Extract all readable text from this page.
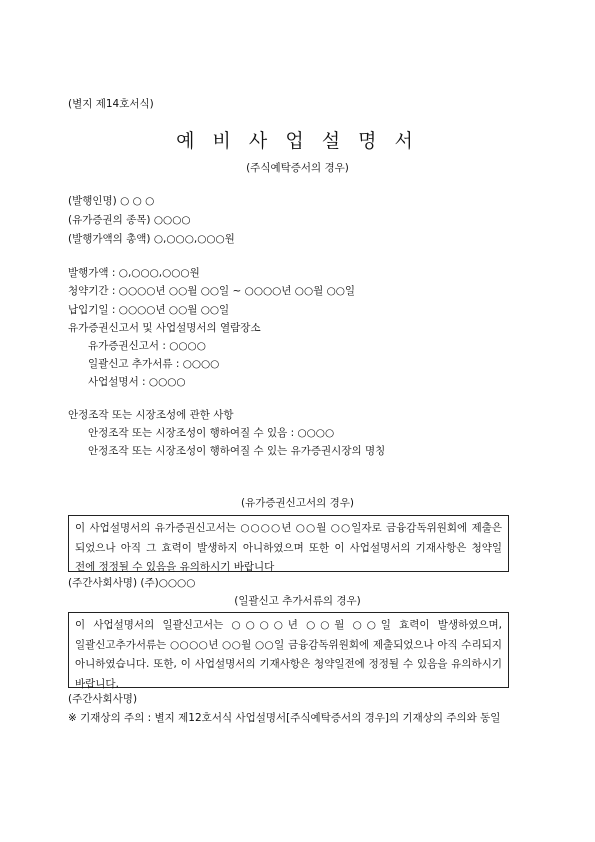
(별지 제14호서식)
예 비 사 업 설 명 서
(주식예탁증서의 경우)
(발행인명) ○ ○ ○
(유가증권의 종목) ○○○○
(발행가액의 총액) ○,○○○,○○○원
발행가액 : ○,○○○,○○○원
청약기간 : ○○○○년 ○○월 ○○일 ~ ○○○○년 ○○월 ○○일
납입기일 : ○○○○년 ○○월 ○○일
유가증권신고서 및 사업설명서의 열람장소
유가증권신고서 : ○○○○
일괄신고 추가서류 : ○○○○
사업설명서 : ○○○○
안정조작 또는 시장조성에 관한 사항
안정조작 또는 시장조성이 행하여질 수 있음 : ○○○○
안정조작 또는 시장조성이 행하여질 수 있는 유가증권시장의 명칭
(유가증권신고서의 경우)
이 사업설명서의 유가증권신고서는 ○○○○년 ○○월 ○○일자로 금융감독위원회에 제출은 되었으나 아직 그 효력이 발생하지 아니하였으며 또한 이 사업설명서의 기재사항은 청약일 전에 정정될 수 있음을 유의하시기 바랍니다
(주간사회사명) (주)○○○○
(일괄신고 추가서류의 경우)
이 사업설명서의 일괄신고서는 ○○○○년 ○○월 ○○일 효력이 발생하였으며, 일괄신고추가서류는 ○○○○년 ○○월 ○○일 금융감독위원회에 제출되었으나 아직 수리되지 아니하였습니다. 또한, 이 사업설명서의 기재사항은 청약일전에 정정될 수 있음을 유의하시기 바랍니다.
(주간사회사명)
※ 기재상의 주의 : 별지 제12호서식 사업설명서[주식예탁증서의 경우]의 기재상의 주의와 동일
